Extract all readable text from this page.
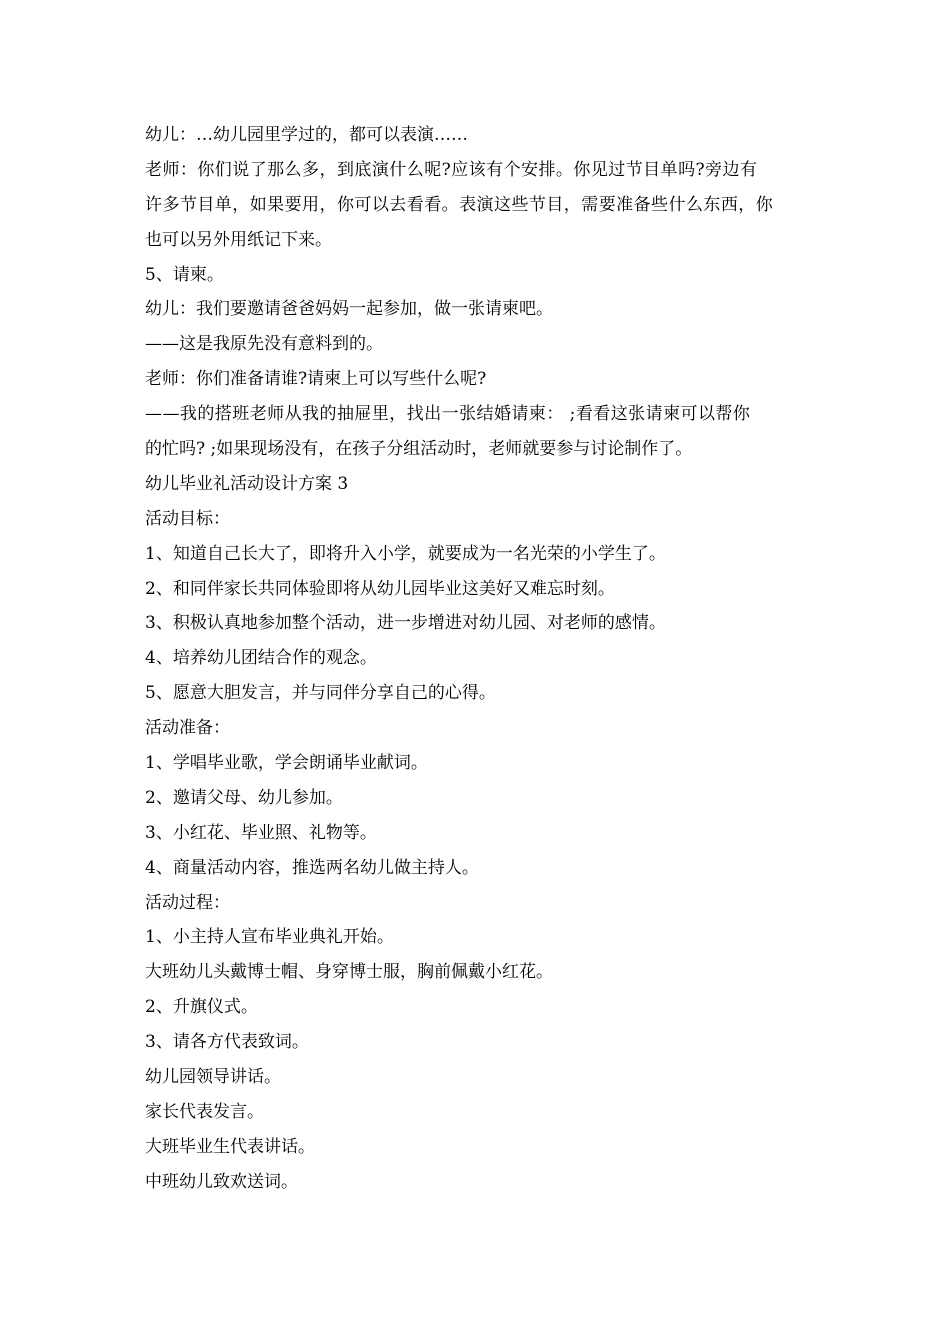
幼儿：…幼儿园里学过的，都可以表演……

老师：你们说了那么多，到底演什么呢?应该有个安排。你见过节目单吗?旁边有

许多节目单，如果要用，你可以去看看。表演这些节目，需要准备些什么东西，你

也可以另外用纸记下来。

5、请柬。

幼儿：我们要邀请爸爸妈妈一起参加，做一张请柬吧。

——这是我原先没有意料到的。

老师：你们准备请谁?请柬上可以写些什么呢?

——我的搭班老师从我的抽屉里，找出一张结婚请柬： ;看看这张请柬可以帮你

的忙吗? ;如果现场没有，在孩子分组活动时，老师就要参与讨论制作了。

幼儿毕业礼活动设计方案 3

活动目标：

1、知道自己长大了，即将升入小学，就要成为一名光荣的小学生了。

2、和同伴家长共同体验即将从幼儿园毕业这美好又难忘时刻。

3、积极认真地参加整个活动，进一步增进对幼儿园、对老师的感情。

4、培养幼儿团结合作的观念。

5、愿意大胆发言，并与同伴分享自己的心得。

活动准备：

1、学唱毕业歌，学会朗诵毕业献词。

2、邀请父母、幼儿参加。

3、小红花、毕业照、礼物等。

4、商量活动内容，推选两名幼儿做主持人。

活动过程：

1、小主持人宣布毕业典礼开始。

大班幼儿头戴博士帽、身穿博士服，胸前佩戴小红花。

2、升旗仪式。

3、请各方代表致词。

幼儿园领导讲话。

家长代表发言。

大班毕业生代表讲话。

中班幼儿致欢送词。
